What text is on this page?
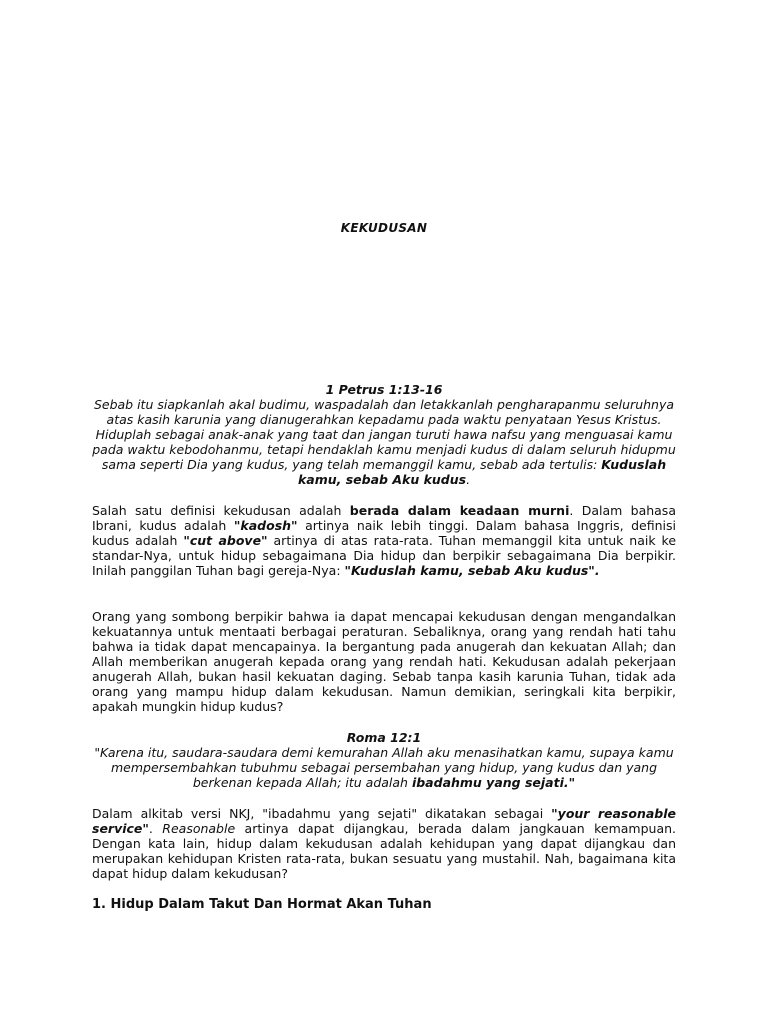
KEKUDUSAN
1 Petrus 1:13-16
Sebab itu siapkanlah akal budimu, waspadalah dan letakkanlah pengharapanmu seluruhnya atas kasih karunia yang dianugerahkan kepadamu pada waktu penyataan Yesus Kristus. Hiduplah sebagai anak-anak yang taat dan jangan turuti hawa nafsu yang menguasai kamu pada waktu kebodohanmu, tetapi hendaklah kamu menjadi kudus di dalam seluruh hidupmu sama seperti Dia yang kudus, yang telah memanggil kamu, sebab ada tertulis: Kuduslah kamu, sebab Aku kudus.

Salah satu definisi kekudusan adalah berada dalam keadaan murni. Dalam bahasa Ibrani, kudus adalah "kadosh" artinya naik lebih tinggi. Dalam bahasa Inggris, definisi kudus adalah "cut above" artinya di atas rata-rata. Tuhan memanggil kita untuk naik ke standar-Nya, untuk hidup sebagaimana Dia hidup dan berpikir sebagaimana Dia berpikir. Inilah panggilan Tuhan bagi gereja-Nya: "Kuduslah kamu, sebab Aku kudus".

Orang yang sombong berpikir bahwa ia dapat mencapai kekudusan dengan mengandalkan kekuatannya untuk mentaati berbagai peraturan. Sebaliknya, orang yang rendah hati tahu bahwa ia tidak dapat mencapainya. Ia bergantung pada anugerah dan kekuatan Allah; dan Allah memberikan anugerah kepada orang yang rendah hati. Kekudusan adalah pekerjaan anugerah Allah, bukan hasil kekuatan daging. Sebab tanpa kasih karunia Tuhan, tidak ada orang yang mampu hidup dalam kekudusan. Namun demikian, seringkali kita berpikir, apakah mungkin hidup kudus?

Roma 12:1
"Karena itu, saudara-saudara demi kemurahan Allah aku menasihatkan kamu, supaya kamu mempersembahkan tubuhmu sebagai persembahan yang hidup, yang kudus dan yang berkenan kepada Allah; itu adalah ibadahmu yang sejati."

Dalam alkitab versi NKJ, "ibadahmu yang sejati" dikatakan sebagai "your reasonable service". Reasonable artinya dapat dijangkau, berada dalam jangkauan kemampuan. Dengan kata lain, hidup dalam kekudusan adalah kehidupan yang dapat dijangkau dan merupakan kehidupan Kristen rata-rata, bukan sesuatu yang mustahil. Nah, bagaimana kita dapat hidup dalam kekudusan?

1. Hidup Dalam Takut Dan Hormat Akan Tuhan
